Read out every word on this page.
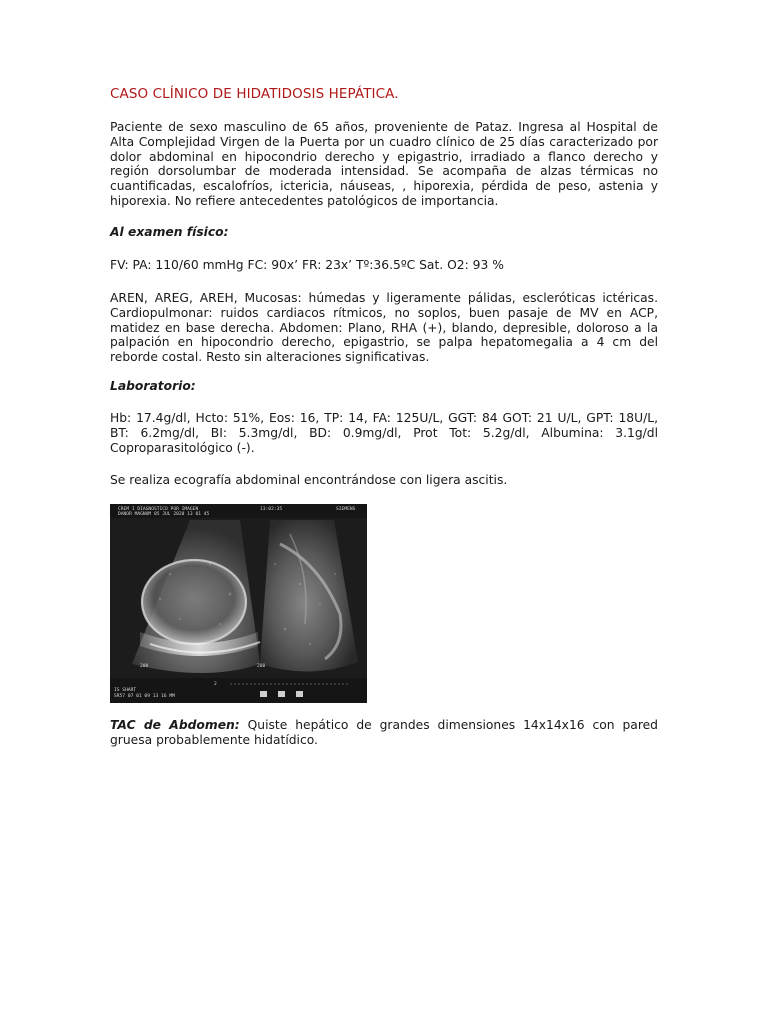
CASO CLÍNICO DE HIDATIDOSIS HEPÁTICA.

Paciente de sexo masculino de 65 años, proveniente de Pataz. Ingresa al Hospital de Alta Complejidad Virgen de la Puerta por un cuadro clínico de 25 días caracterizado por dolor abdominal en hipocondrio derecho y epigastrio, irradiado a flanco derecho y región dorsolumbar de moderada intensidad. Se acompaña de alzas térmicas no cuantificadas, escalofríos, ictericia, náuseas, , hiporexia, pérdida de peso, astenia y hiporexia. No refiere antecedentes patológicos de importancia.

Al examen físico:

FV: PA: 110/60 mmHg FC: 90x’ FR: 23x’ Tº:36.5ºC Sat. O2: 93 %

AREN, AREG, AREH, Mucosas: húmedas y ligeramente pálidas, escleróticas ictéricas. Cardiopulmonar: ruidos cardiacos rítmicos, no soplos, buen pasaje de MV en ACP, matidez en base derecha. Abdomen: Plano, RHA (+), blando, depresible, doloroso a la palpación en hipocondrio derecho, epigastrio, se palpa hepatomegalia a 4 cm del reborde costal. Resto sin alteraciones significativas.

Laboratorio:

Hb: 17.4g/dl, Hcto: 51%, Eos: 16, TP: 14, FA: 125U/L, GGT: 84 GOT: 21 U/L, GPT: 18U/L, BT: 6.2mg/dl, BI: 5.3mg/dl, BD: 0.9mg/dl, Prot Tot: 5.2g/dl, Albumina: 3.1g/dl Coproparasitológico (-).

Se realiza ecografía abdominal encontrándose con ligera ascitis.

CREM I DIAGNOSTICO POR IMAGEN
DANOR MAGNUM 05 JUL 2020 13 01 45
13:02:35	SIEMENS
200	200
2
IS SHART
SR57 07 01 09 13 16 MM

TAC de Abdomen: Quiste hepático de grandes dimensiones 14x14x16 con pared gruesa probablemente hidatídico.
